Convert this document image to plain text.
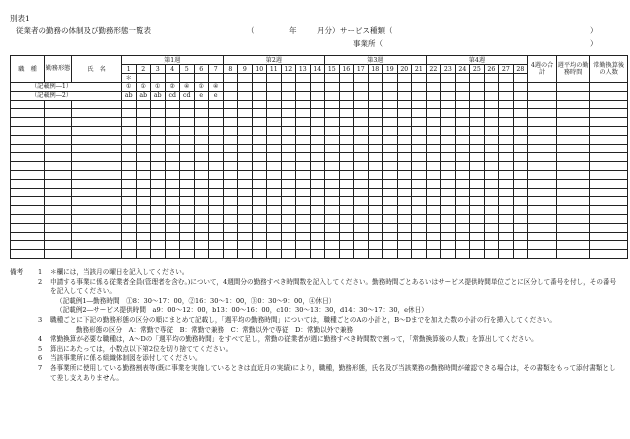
別表1
従業者の勤務の体制及び勤務形態一覧表	（	年	月分） サービス種類（	）
事業所（	）
職　種	勤務形態	氏　名	第1週							第2週							第3週							第4週							4週の合計	週平均の勤務時間	常勤換算後の人数
			1	2	3	4	5	6	7	8	9	10	11	12	13	14	15	16	17	18	19	20	21	22	23	24	25	26	27	28			
			＊																														
（記載例―1）			①	①	①	②	④	①	④																								
（記載例―2）			ab	ab	ab	cd	cd	e	e																								

備考	1	＊欄には，当該月の曜日を記入してください。
2	申請する事業に係る従業者全員(管理者を含む。)について，4週間分の勤務すべき時間数を記入してください。勤務時間ごとあるいはサービス提供時間単位ごとに区分して番号を付し，その番号を記入してください。
（記載例1―勤務時間　①8：30～17：00，②16：30～1：00，③0：30～9：00，④休日）
（記載例2―サービス提供時間　a9：00～12：00，b13：00～16：00，c10：30～13：30，d14：30～17：30，e休日）
3	職種ごとに下記の勤務形態の区分の順にまとめて記載し，「週平均の勤務時間」については，職種ごとのAの小計と，B～Dまでを加えた数の小計の行を挿入してください。
勤務形態の区分　A：常勤で専従　B：常勤で兼務　C：常勤以外で専従　D：常勤以外で兼務
4	常勤換算が必要な職種は，A～Dの「週平均の勤務時間」をすべて足し，常勤の従業者が週に勤務すべき時間数で割って，「常勤換算後の人数」を算出してください。
5	算出にあたっては，小数点以下第2位を切り捨ててください。
6	当該事業所に係る組織体制図を添付してください。
7	各事業所に使用している勤務割表等(既に事業を実施しているときは直近月の実績)により，職種，勤務形態，氏名及び当該業務の勤務時間が確認できる場合は，その書類をもって添付書類として差し支えありません。
